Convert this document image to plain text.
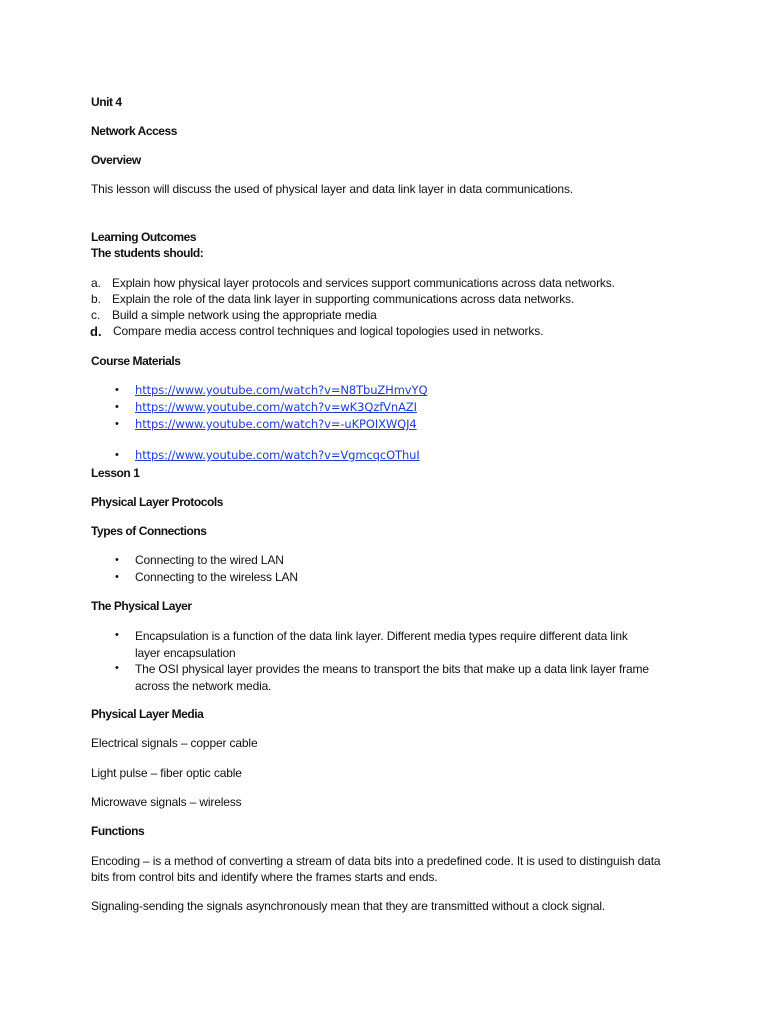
Unit 4
Network Access
Overview
This lesson will discuss the used of physical layer and data link layer in data communications.
Learning Outcomes
The students should:
a. Explain how physical layer protocols and services support communications across data networks.
b. Explain the role of the data link layer in supporting communications across data networks.
c. Build a simple network using the appropriate media
d. Compare media access control techniques and logical topologies used in networks.
Course Materials
• https://www.youtube.com/watch?v=N8TbuZHmvYQ
• https://www.youtube.com/watch?v=wK3QzfVnAZI
• https://www.youtube.com/watch?v=-uKPOIXWQJ4
• https://www.youtube.com/watch?v=VgmcqcOThuI
Lesson 1
Physical Layer Protocols
Types of Connections
• Connecting to the wired LAN
• Connecting to the wireless LAN
The Physical Layer
• Encapsulation is a function of the data link layer. Different media types require different data link layer encapsulation
• The OSI physical layer provides the means to transport the bits that make up a data link layer frame across the network media.
Physical Layer Media
Electrical signals – copper cable
Light pulse – fiber optic cable
Microwave signals – wireless
Functions
Encoding – is a method of converting a stream of data bits into a predefined code. It is used to distinguish data bits from control bits and identify where the frames starts and ends.
Signaling-sending the signals asynchronously mean that they are transmitted without a clock signal.
